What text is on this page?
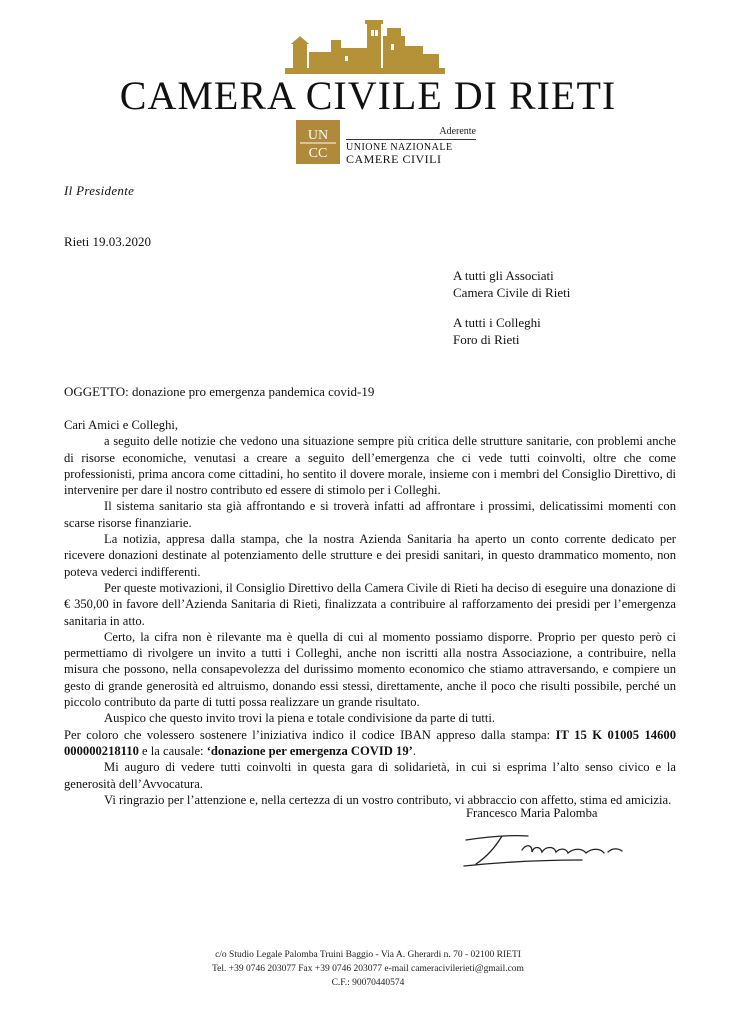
CAMERA CIVILE DI RIETI
UN
CC
Aderente
UNIONE NAZIONALE
CAMERE CIVILI
Il Presidente
Rieti 19.03.2020
A tutti gli Associati
Camera Civile di Rieti
A tutti i Colleghi
Foro di Rieti
OGGETTO: donazione pro emergenza pandemica covid-19

Cari Amici e Colleghi,

a seguito delle notizie che vedono una situazione sempre più critica delle strutture sanitarie, con problemi anche di risorse economiche, venutasi a creare a seguito dell’emergenza che ci vede tutti coinvolti, oltre che come professionisti, prima ancora come cittadini, ho sentito il dovere morale, insieme con i membri del Consiglio Direttivo, di intervenire per dare il nostro contributo ed essere di stimolo per i Colleghi.

Il sistema sanitario sta già affrontando e si troverà infatti ad affrontare i prossimi, delicatissimi momenti con scarse risorse finanziarie.

La notizia, appresa dalla stampa, che la nostra Azienda Sanitaria ha aperto un conto corrente dedicato per ricevere donazioni destinate al potenziamento delle strutture e dei presidi sanitari, in questo drammatico momento, non poteva vederci indifferenti.

Per queste motivazioni, il Consiglio Direttivo della Camera Civile di Rieti ha deciso di eseguire una donazione di € 350,00 in favore dell’Azienda Sanitaria di Rieti, finalizzata a contribuire al rafforzamento dei presidi per l’emergenza sanitaria in atto.

Certo, la cifra non è rilevante ma è quella di cui al momento possiamo disporre. Proprio per questo però ci permettiamo di rivolgere un invito a tutti i Colleghi, anche non iscritti alla nostra Associazione, a contribuire, nella misura che possono, nella consapevolezza del durissimo momento economico che stiamo attraversando, e compiere un gesto di grande generosità ed altruismo, donando essi stessi, direttamente, anche il poco che risulti possibile, perché un piccolo contributo da parte di tutti possa realizzare un grande risultato.

Auspico che questo invito trovi la piena e totale condivisione da parte di tutti.

Per coloro che volessero sostenere l’iniziativa indico il codice IBAN appreso dalla stampa: IT 15 K 01005 14600 000000218110 e la causale: ‘donazione per emergenza COVID 19’.

Mi auguro di vedere tutti coinvolti in questa gara di solidarietà, in cui si esprima l’alto senso civico e la generosità dell’Avvocatura.

Vi ringrazio per l’attenzione e, nella certezza di un vostro contributo, vi abbraccio con affetto, stima ed amicizia.

Francesco Maria Palomba
c/o Studio Legale Palomba Truini Baggio - Via A. Gherardi n. 70 - 02100 RIETI
Tel. +39 0746 203077 Fax +39 0746 203077 e-mail cameracivilerieti@gmail.com
C.F.: 90070440574
